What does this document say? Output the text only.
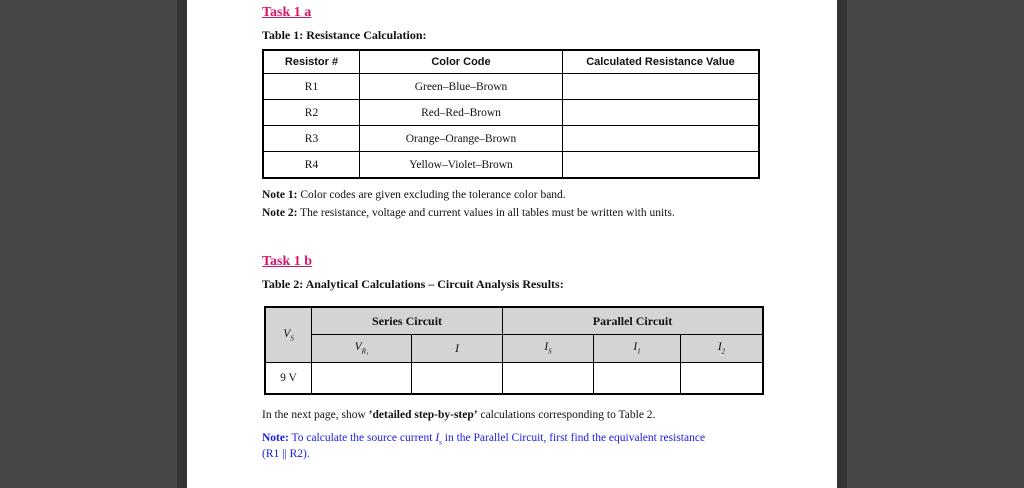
Task 1 a
Table 1: Resistance Calculation:
Resistor #	Color Code	Calculated Resistance Value
R1	Green–Blue–Brown	
R2	Red–Red–Brown	
R3	Orange–Orange–Brown	
R4	Yellow–Violet–Brown	
Note 1: Color codes are given excluding the tolerance color band.
Note 2: The resistance, voltage and current values in all tables must be written with units.
Task 1 b
Table 2: Analytical Calculations – Circuit Analysis Results:
$V_S$	Series Circuit		Parallel Circuit		
	$V_{R_1}$	I	$I_S$	$I_1$	$I_2$
9 V					
In the next page, show ’detailed step-by-step’ calculations corresponding to Table 2.
Note: To calculate the source current $I_s$ in the Parallel Circuit, first find the equivalent resistance
(R1 || R2).
